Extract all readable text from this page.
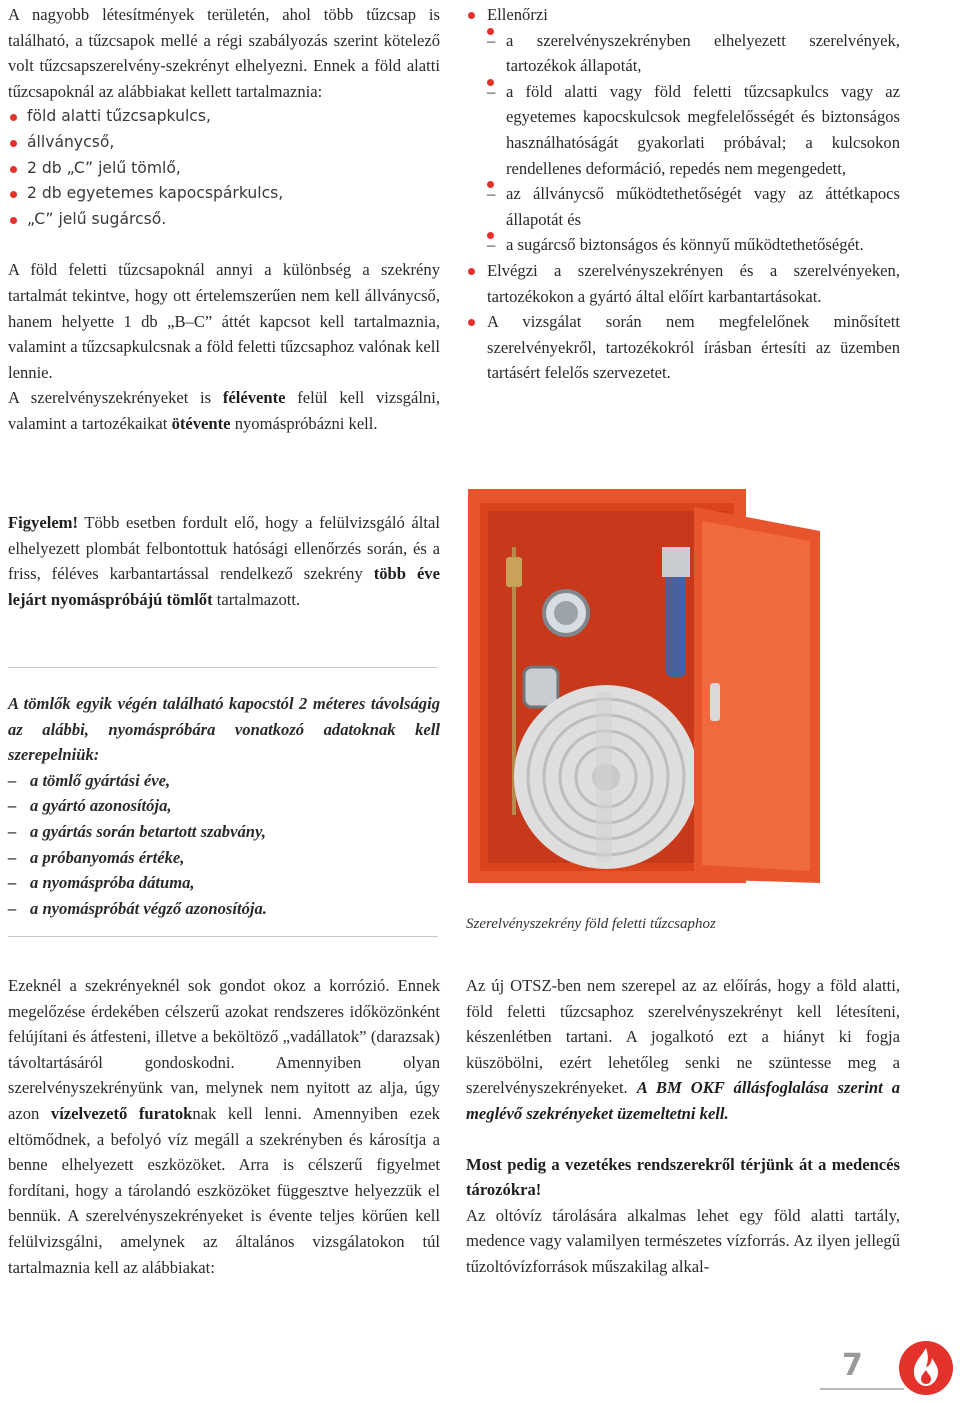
A nagyobb létesítmények területén, ahol több tűzcsap is található, a tűzcsapok mellé a régi szabályozás szerint kötelező volt tűzcsapszerelvény-szekrényt elhelyezni. Ennek a föld alatti tűzcsapoknál az alábbiakat kellett tartalmaznia:

föld alatti tűzcsapkulcs,
állványcső,
2 db „C” jelű tömlő,
2 db egyetemes kapocspárkulcs,
„C” jelű sugárcső.

A föld feletti tűzcsapoknál annyi a különbség a szekrény tartalmát tekintve, hogy ott értelemszerűen nem kell állványcső, hanem helyette 1 db „B–C” áttét kapcsot kell tartalmaznia, valamint a tűzcsapkulcsnak a föld feletti tűzcsaphoz valónak kell lennie.

A szerelvényszekrényeket is félévente felül kell vizsgálni, valamint a tartozékaikat ötévente nyomáspróbázni kell.

Figyelem! Több esetben fordult elő, hogy a felülvizsgáló által elhelyezett plombát felbontottuk hatósági ellenőrzés során, és a friss, féléves karbantartással rendelkező szekrény több éve lejárt nyomáspróbájú tömlőt tartalmazott.

A tömlők egyik végén található kapocstól 2 méteres távolságig az alábbi, nyomáspróbára vonatkozó adatoknak kell szerepelniük:

– a tömlő gyártási éve,
– a gyártó azonosítója,
– a gyártás során betartott szabvány,
– a próbanyomás értéke,
– a nyomáspróba dátuma,
– a nyomáspróbát végző azonosítója.

Ezeknél a szekrényeknél sok gondot okoz a korrózió. Ennek megelőzése érdekében célszerű azokat rendszeres időközönként felújítani és átfesteni, illetve a beköltöző „vadállatok” (darazsak) távoltartásáról gondoskodni. Amennyiben olyan szerelvényszekrényünk van, melynek nem nyitott az alja, úgy azon vízelvezető furatoknak kell lenni. Amennyiben ezek eltömődnek, a befolyó víz megáll a szekrényben és károsítja a benne elhelyezett eszközöket. Arra is célszerű figyelmet fordítani, hogy a tárolandó eszközöket függesztve helyezzük el bennük. A szerelvényszekrényeket is évente teljes körűen kell felülvizsgálni, amelynek az általános vizsgálatokon túl tartalmaznia kell az alábbiakat:

Ellenőrzi
– a szerelvényszekrényben elhelyezett szerelvények, tartozékok állapotát,
– a föld alatti vagy föld feletti tűzcsapkulcs vagy az egyetemes kapocskulcsok megfelelősségét és biztonságos használhatóságát gyakorlati próbával; a kulcsokon rendellenes deformáció, repedés nem megengedett,
– az állványcső működtethetőségét vagy az áttétkapocs állapotát és
– a sugárcső biztonságos és könnyű működtethetőségét.
Elvégzi a szerelvényszekrényen és a szerelvényeken, tartozékokon a gyártó által előírt karbantartásokat.
A vizsgálat során nem megfelelőnek minősített szerelvényekről, tartozékokról írásban értesíti az üzemben tartásért felelős szervezetet.
Szerelvényszekrény föld feletti tűzcsaphoz

Az új OTSZ-ben nem szerepel az az előírás, hogy a föld alatti, föld feletti tűzcsaphoz szerelvényszekrényt kell létesíteni, készenlétben tartani. A jogalkotó ezt a hiányt ki fogja küszöbölni, ezért lehetőleg senki ne szüntesse meg a szerelvényszekrényeket. A BM OKF állásfoglalása szerint a meglévő szekrényeket üzemeltetni kell.

Most pedig a vezetékes rendszerekről térjünk át a medencés tározókra!

Az oltóvíz tárolására alkalmas lehet egy föld alatti tartály, medence vagy valamilyen természetes vízforrás. Az ilyen jellegű tűzoltóvízforrások műszakilag alkal-

7
